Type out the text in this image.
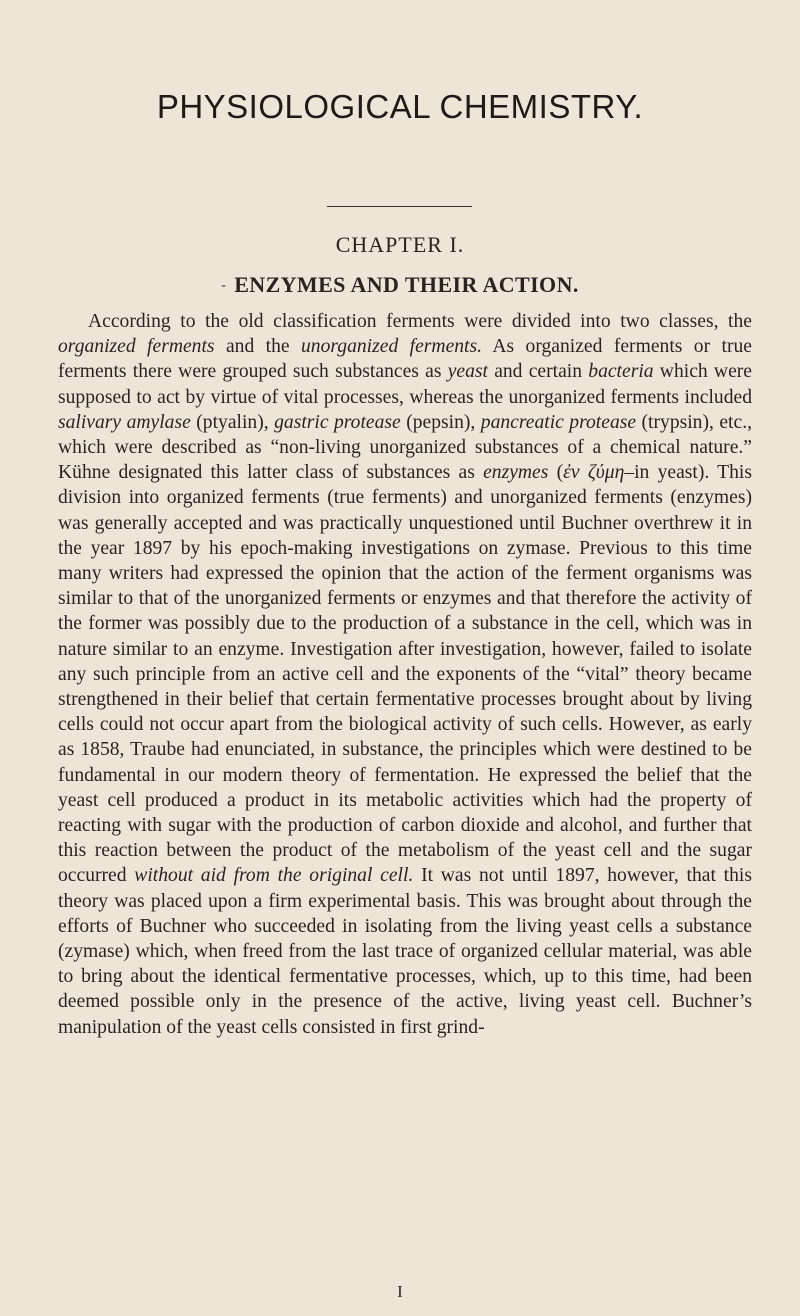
PHYSIOLOGICAL CHEMISTRY.
CHAPTER I.
- ENZYMES AND THEIR ACTION.

According to the old classification ferments were divided into two classes, the organized ferments and the unorganized ferments. As organized ferments or true ferments there were grouped such substances as yeast and certain bacteria which were supposed to act by virtue of vital processes, whereas the unorganized ferments included salivary amylase (ptyalin), gastric protease (pepsin), pancreatic protease (trypsin), etc., which were described as “non-living unorganized substances of a chemical nature.” Kühne designated this latter class of substances as enzymes (ἐν ζύμη–in yeast). This division into organized ferments (true ferments) and unorganized ferments (enzymes) was generally accepted and was practically unquestioned until Buchner overthrew it in the year 1897 by his epoch-making investigations on zymase. Previous to this time many writers had expressed the opinion that the action of the ferment organisms was similar to that of the unorganized ferments or enzymes and that therefore the activity of the former was possibly due to the production of a substance in the cell, which was in nature similar to an enzyme. Investigation after investigation, however, failed to isolate any such principle from an active cell and the exponents of the “vital” theory became strengthened in their belief that certain fermentative processes brought about by living cells could not occur apart from the biological activity of such cells. However, as early as 1858, Traube had enunciated, in substance, the principles which were destined to be fundamental in our modern theory of fermentation. He expressed the belief that the yeast cell produced a product in its metabolic activities which had the property of reacting with sugar with the production of carbon dioxide and alcohol, and further that this reaction between the product of the metabolism of the yeast cell and the sugar occurred without aid from the original cell. It was not until 1897, however, that this theory was placed upon a firm experimental basis. This was brought about through the efforts of Buchner who succeeded in isolating from the living yeast cells a substance (zymase) which, when freed from the last trace of organized cellular material, was able to bring about the identical fermentative processes, which, up to this time, had been deemed possible only in the presence of the active, living yeast cell. Buchner’s manipulation of the yeast cells consisted in first grind-

I
